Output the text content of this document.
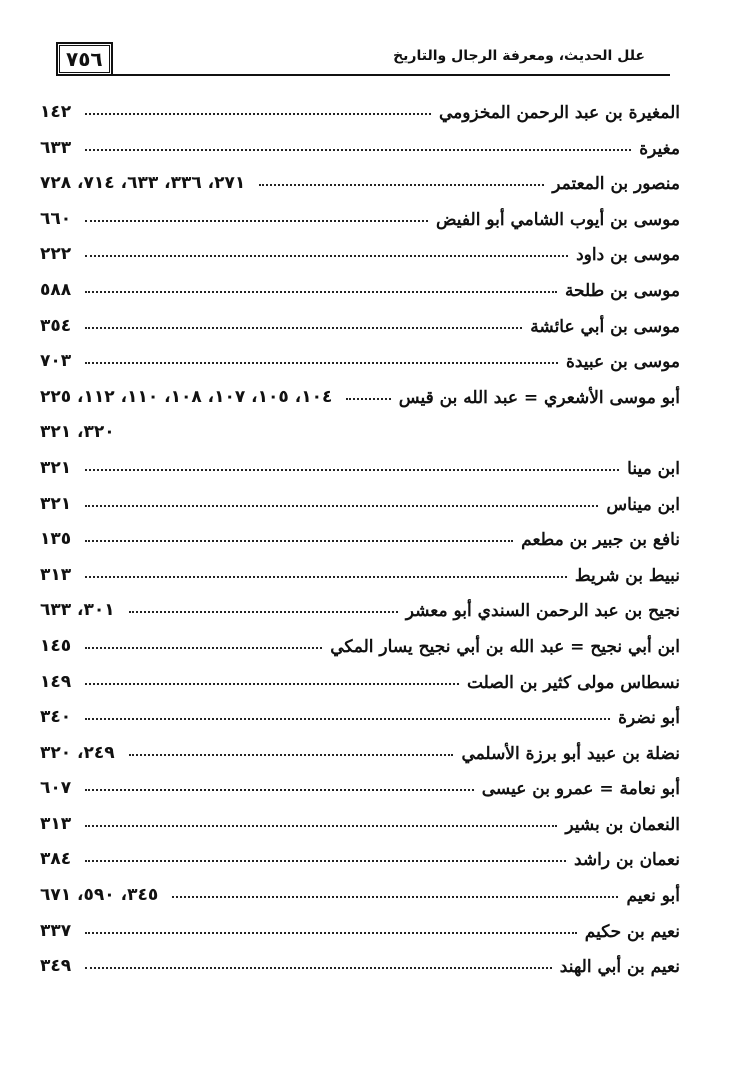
٧٥٦	علل الحديث، ومعرفة الرجال والتاريخ
المغيرة بن عبد الرحمن المخزومي
١٤٢
مغيرة
٦٣٣
منصور بن المعتمر
٢٧١، ٣٣٦، ٦٣٣، ٧١٤، ٧٢٨
موسى بن أيوب الشامي أبو الفيض
٦٦٠
موسى بن داود
٢٢٢
موسى بن طلحة
٥٨٨
موسى بن أبي عائشة
٣٥٤
موسى بن عبيدة
٧٠٣
أبو موسى الأشعري = عبد الله بن قيس
١٠٤، ١٠٥، ١٠٧، ١٠٨، ١١٠، ١١٢، ٢٢٥
٣٢٠، ٣٢١
ابن مينا
٣٢١
ابن ميناس
٣٢١
نافع بن جبير بن مطعم
١٣٥
نبيط بن شريط
٣١٣
نجيح بن عبد الرحمن السندي أبو معشر
٣٠١، ٦٣٣
ابن أبي نجيح = عبد الله بن أبي نجيح يسار المكي
١٤٥
نسطاس مولى كثير بن الصلت
١٤٩
أبو نضرة
٣٤٠
نضلة بن عبيد أبو برزة الأسلمي
٢٤٩، ٣٢٠
أبو نعامة = عمرو بن عيسى
٦٠٧
النعمان بن بشير
٣١٣
نعمان بن راشد
٣٨٤
أبو نعيم
٣٤٥، ٥٩٠، ٦٧١
نعيم بن حكيم
٣٣٧
نعيم بن أبي الهند
٣٤٩
